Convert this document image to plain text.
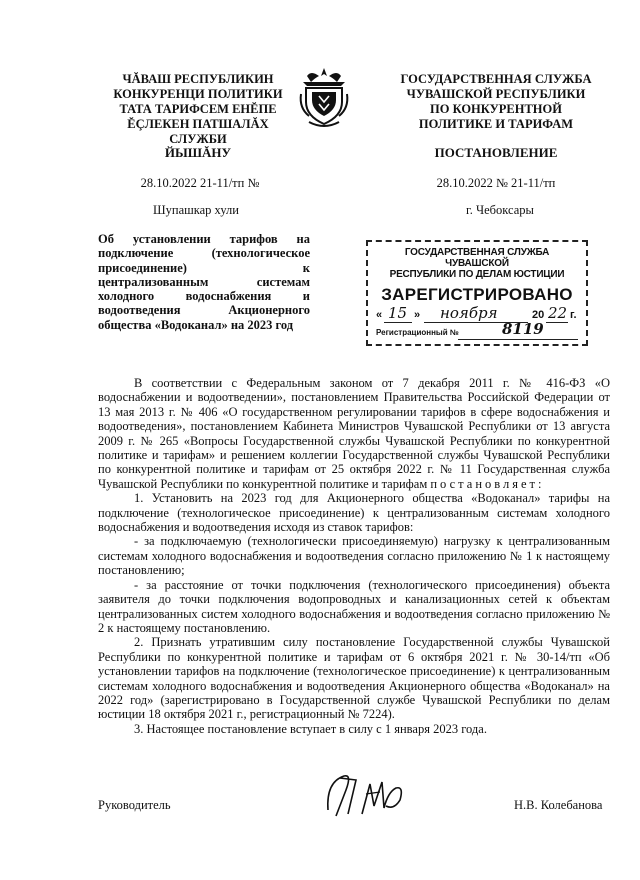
ЧĂВАШ РЕСПУБЛИКИН
КОНКУРЕНЦИ ПОЛИТИКИ
ТАТА ТАРИФСЕМ ЕНĔПЕ
ĔÇЛЕКЕН ПАТШАЛĂХ СЛУЖБИ
ГОСУДАРСТВЕННАЯ СЛУЖБА
ЧУВАШСКОЙ РЕСПУБЛИКИ
ПО КОНКУРЕНТНОЙ
ПОЛИТИКЕ И ТАРИФАМ
ЙЫШĂНУ	ПОСТАНОВЛЕНИЕ
28.10.2022 21-11/тп №	28.10.2022 № 21-11/тп
Шупашкар хули	г. Чебоксары
Об установлении тарифов на подключение (технологическое присоединение) к централизованным системам холодного водоснабжения и водоотведения Акционерного общества «Водоканал» на 2023 год
ГОСУДАРСТВЕННАЯ СЛУЖБА ЧУВАШСКОЙ
РЕСПУБЛИКИ ПО ДЕЛАМ ЮСТИЦИИ
ЗАРЕГИСТРИРОВАНО
« 15 » ноября	20 22 г.
Регистрационный №	8119

В соответствии с Федеральным законом от 7 декабря 2011 г. № 416-ФЗ «О водоснабжении и водоотведении», постановлением Правительства Российской Федерации от 13 мая 2013 г. № 406 «О государственном регулировании тарифов в сфере водоснабжения и водоотведения», постановлением Кабинета Министров Чувашской Республики от 13 августа 2009 г. № 265 «Вопросы Государственной службы Чувашской Республики по конкурентной политике и тарифам» и решением коллегии Государственной службы Чувашской Республики по конкурентной политике и тарифам от 25 октября 2022 г. № 11 Государственная служба Чувашской Республики по конкурентной политике и тарифам постановляет:

1. Установить на 2023 год для Акционерного общества «Водоканал» тарифы на подключение (технологическое присоединение) к централизованным системам холодного водоснабжения и водоотведения исходя из ставок тарифов:

- за подключаемую (технологически присоединяемую) нагрузку к централизованным системам холодного водоснабжения и водоотведения согласно приложению № 1 к настоящему постановлению;

- за расстояние от точки подключения (технологического присоединения) объекта заявителя до точки подключения водопроводных и канализационных сетей к объектам централизованных систем холодного водоснабжения и водоотведения согласно приложению № 2 к настоящему постановлению.

2. Признать утратившим силу постановление Государственной службы Чувашской Республики по конкурентной политике и тарифам от 6 октября 2021 г. № 30-14/тп «Об установлении тарифов на подключение (технологическое присоединение) к централизованным системам холодного водоснабжения и водоотведения Акционерного общества «Водоканал» на 2022 год» (зарегистрировано в Государственной службе Чувашской Республики по делам юстиции 18 октября 2021 г., регистрационный № 7224).

3. Настоящее постановление вступает в силу с 1 января 2023 года.

Руководитель	Н.В. Колебанова
